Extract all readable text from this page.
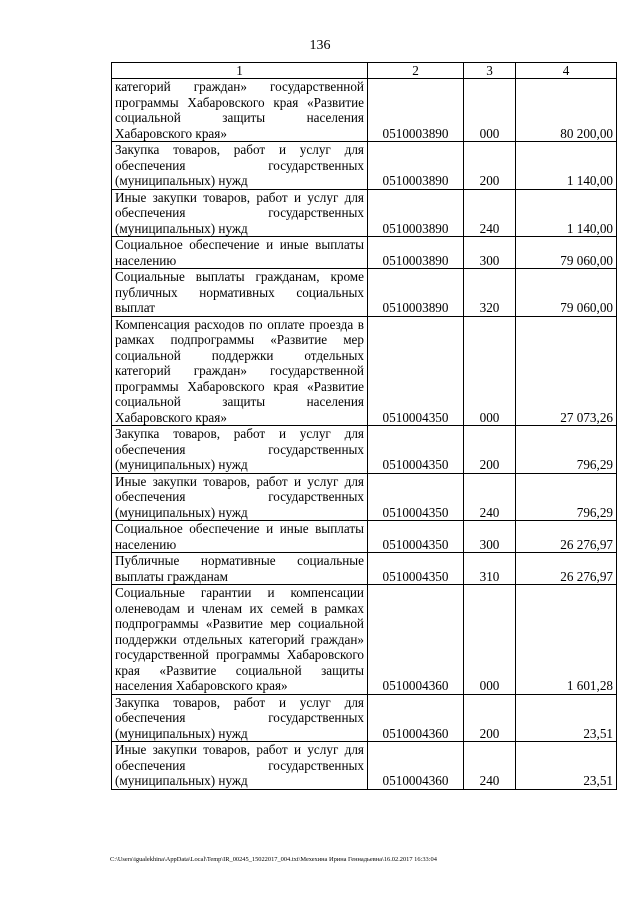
136
1	2	3	4
категорий граждан» государственной программы Хабаровского края «Развитие социальной защиты населения Хабаровского края»	0510003890	000	80 200,00
Закупка товаров, работ и услуг для обеспечения государственных (муниципальных) нужд	0510003890	200	1 140,00
Иные закупки товаров, работ и услуг для обеспечения государственных (муниципальных) нужд	0510003890	240	1 140,00
Социальное обеспечение и иные выплаты населению	0510003890	300	79 060,00
Социальные выплаты гражданам, кроме публичных нормативных социальных выплат	0510003890	320	79 060,00
Компенсация расходов по оплате проезда в рамках подпрограммы «Развитие мер социальной поддержки отдельных категорий граждан» государственной программы Хабаровского края «Развитие социальной защиты населения Хабаровского края»	0510004350	000	27 073,26
Закупка товаров, работ и услуг для обеспечения государственных (муниципальных) нужд	0510004350	200	796,29
Иные закупки товаров, работ и услуг для обеспечения государственных (муниципальных) нужд	0510004350	240	796,29
Социальное обеспечение и иные выплаты населению	0510004350	300	26 276,97
Публичные нормативные социальные выплаты гражданам	0510004350	310	26 276,97
Социальные гарантии и компенсации оленеводам и членам их семей в рамках подпрограммы «Развитие мер социальной поддержки отдельных категорий граждан» государственной программы Хабаровского края «Развитие социальной защиты населения Хабаровского края»	0510004360	000	1 601,28
Закупка товаров, работ и услуг для обеспечения государственных (муниципальных) нужд	0510004360	200	23,51
Иные закупки товаров, работ и услуг для обеспечения государственных (муниципальных) нужд	0510004360	240	23,51
C:\Users\igualekhina\AppData\Local\Temp\IR_00245_15022017_004.txt\Мехехина Ирина Геннадьевна\16.02.2017 16:33:04
